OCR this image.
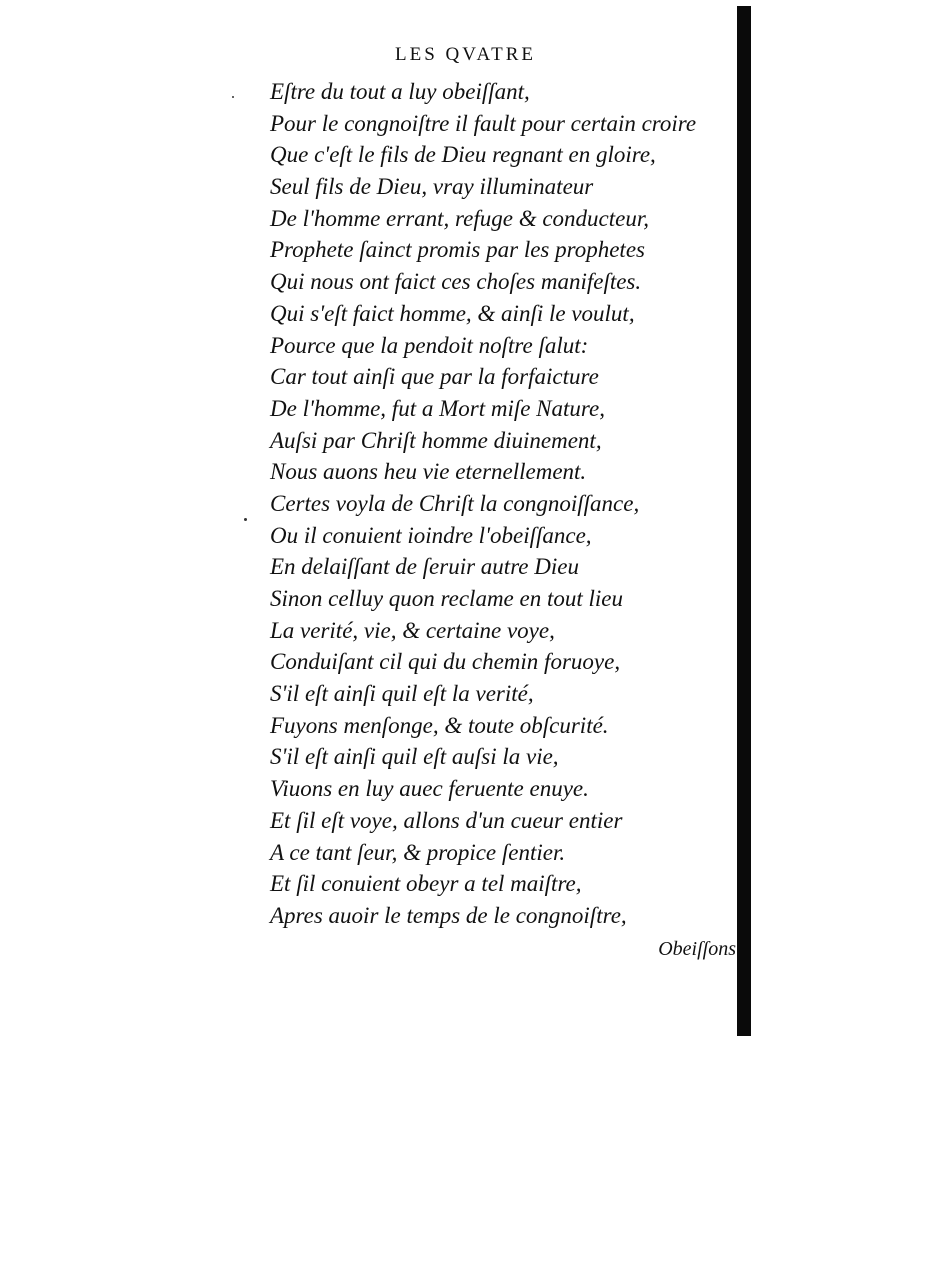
LES QVATRE
Eſtre du tout a luy obeiſſant,
Pour le congnoiſtre il fault pour certain croire
Que c'eſt le fils de Dieu regnant en gloire,
Seul fils de Dieu, vray illuminateur
De l'homme errant, refuge & conducteur,
Prophete ſainct promis par les prophetes
Qui nous ont faict ces choſes manifeſtes.
Qui s'eſt faict homme, & ainſi le voulut,
Pource que la pendoit noſtre ſalut:
Car tout ainſi que par la forfaicture
De l'homme, fut a Mort miſe Nature,
Auſsi par Chriſt homme diuinement,
Nous auons heu vie eternellement.
Certes voyla de Chriſt la congnoiſſance,
Ou il conuient ioindre l'obeiſſance,
En delaiſſant de ſeruir autre Dieu
Sinon celluy quon reclame en tout lieu
La verité, vie, & certaine voye,
Conduiſant cil qui du chemin foruoye,
S'il eſt ainſi quil eſt la verité,
Fuyons menſonge, & toute obſcurité.
S'il eſt ainſi quil eſt auſsi la vie,
Viuons en luy auec feruente enuye.
Et ſil eſt voye, allons d'un cueur entier
A ce tant ſeur, & propice ſentier.
Et ſil conuient obeyr a tel maiſtre,
Apres auoir le temps de le congnoiſtre,
Obeiſſons
